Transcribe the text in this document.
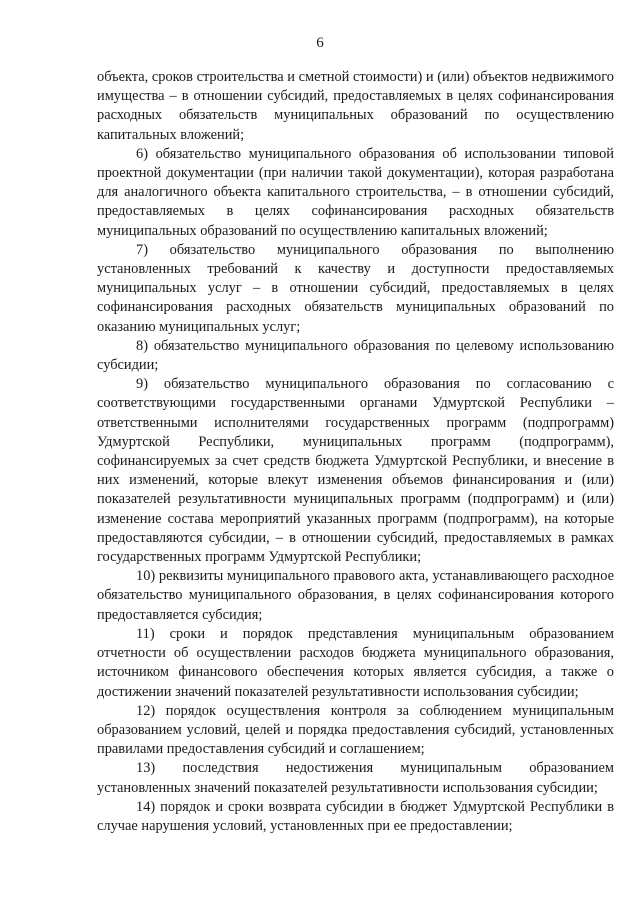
6

объекта, сроков строительства и сметной стоимости) и (или) объектов недвижимого имущества – в отношении субсидий, предоставляемых в целях софинансирования расходных обязательств муниципальных образований по осуществлению капитальных вложений;

6) обязательство муниципального образования об использовании типовой проектной документации (при наличии такой документации), которая разработана для аналогичного объекта капитального строительства, – в отношении субсидий, предоставляемых в целях софинансирования расходных обязательств муниципальных образований по осуществлению капитальных вложений;

7) обязательство муниципального образования по выполнению установленных требований к качеству и доступности предоставляемых муниципальных услуг – в отношении субсидий, предоставляемых в целях софинансирования расходных обязательств муниципальных образований по оказанию муниципальных услуг;

8) обязательство муниципального образования по целевому использованию субсидии;

9) обязательство муниципального образования по согласованию с соответствующими государственными органами Удмуртской Республики – ответственными исполнителями государственных программ (подпрограмм) Удмуртской Республики, муниципальных программ (подпрограмм), софинансируемых за счет средств бюджета Удмуртской Республики, и внесение в них изменений, которые влекут изменения объемов финансирования и (или) показателей результативности муниципальных программ (подпрограмм) и (или) изменение состава мероприятий указанных программ (подпрограмм), на которые предоставляются субсидии, – в отношении субсидий, предоставляемых в рамках государственных программ Удмуртской Республики;

10) реквизиты муниципального правового акта, устанавливающего расходное обязательство муниципального образования, в целях софинансирования которого предоставляется субсидия;

11) сроки и порядок представления муниципальным образованием отчетности об осуществлении расходов бюджета муниципального образования, источником финансового обеспечения которых является субсидия, а также о достижении значений показателей результативности использования субсидии;

12) порядок осуществления контроля за соблюдением муниципальным образованием условий, целей и порядка предоставления субсидий, установленных правилами предоставления субсидий и соглашением;

13) последствия недостижения муниципальным образованием установленных значений показателей результативности использования субсидии;

14) порядок и сроки возврата субсидии в бюджет Удмуртской Республики в случае нарушения условий, установленных при ее предоставлении;
